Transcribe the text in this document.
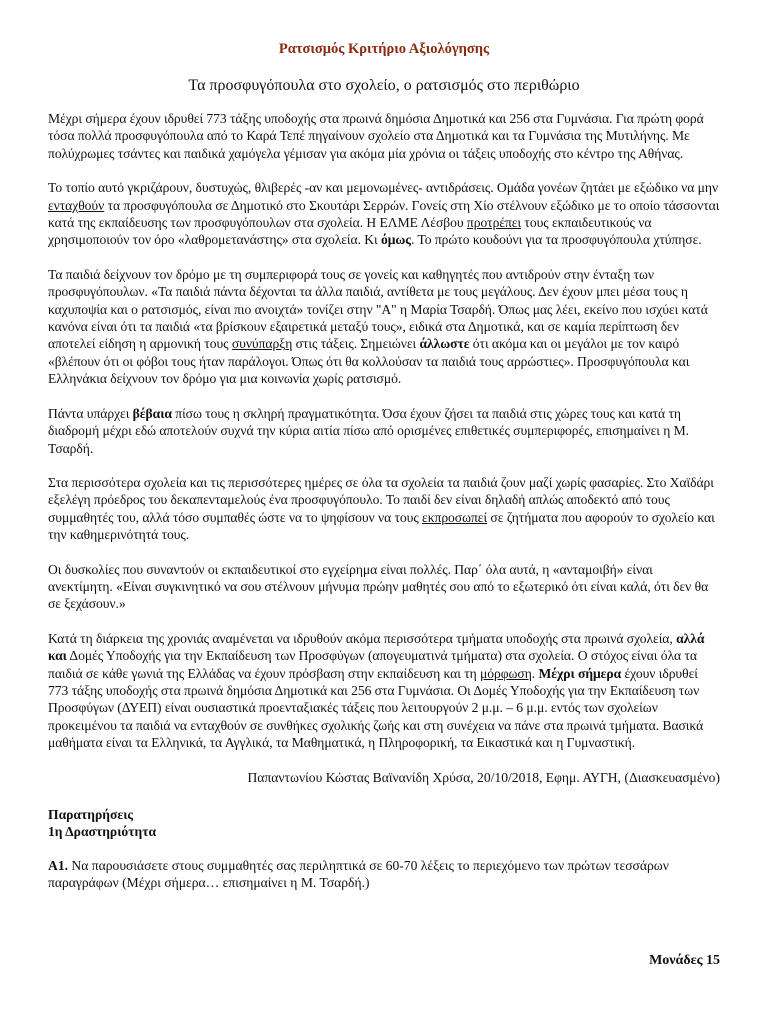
Ρατσισμός Κριτήριο Αξιολόγησης
Τα προσφυγόπουλα στο σχολείο, ο ρατσισμός στο περιθώριο

Μέχρι σήμερα έχουν ιδρυθεί 773 τάξης υποδοχής στα πρωινά δημόσια Δημοτικά και 256 στα Γυμνάσια. Για πρώτη φορά τόσα πολλά προσφυγόπουλα από το Καρά Τεπέ πηγαίνουν σχολείο στα Δημοτικά και τα Γυμνάσια της Μυτιλήνης. Με πολύχρωμες τσάντες και παιδικά χαμόγελα γέμισαν για ακόμα μία χρόνια οι τάξεις υποδοχής στο κέντρο της Αθήνας.

Το τοπίο αυτό γκριζάρουν, δυστυχώς, θλιβερές -αν και μεμονωμένες- αντιδράσεις. Ομάδα γονέων ζητάει με εξώδικο να μην ενταχθούν τα προσφυγόπουλα σε Δημοτικό στο Σκουτάρι Σερρών. Γονείς στη Χίο στέλνουν εξώδικο με το οποίο τάσσονται κατά της εκπαίδευσης των προσφυγόπουλων στα σχολεία. Η ΕΛΜΕ Λέσβου προτρέπει τους εκπαιδευτικούς να χρησιμοποιούν τον όρο «λαθρομετανάστης» στα σχολεία. Κι όμως. Το πρώτο κουδούνι για τα προσφυγόπουλα χτύπησε.

Τα παιδιά δείχνουν τον δρόμο με τη συμπεριφορά τους σε γονείς και καθηγητές που αντιδρούν στην ένταξη των προσφυγόπουλων. «Τα παιδιά πάντα δέχονται τα άλλα παιδιά, αντίθετα με τους μεγάλους. Δεν έχουν μπει μέσα τους η καχυποψία και ο ρατσισμός, είναι πιο ανοιχτά» τονίζει στην "Α" η Μαρία Τσαρδή. Όπως μας λέει, εκείνο που ισχύει κατά κανόνα είναι ότι τα παιδιά «τα βρίσκουν εξαιρετικά μεταξύ τους», ειδικά στα Δημοτικά, και σε καμία περίπτωση δεν αποτελεί είδηση η αρμονική τους συνύπαρξη στις τάξεις. Σημειώνει άλλωστε ότι ακόμα και οι μεγάλοι με τον καιρό «βλέπουν ότι οι φόβοι τους ήταν παράλογοι. Όπως ότι θα κολλούσαν τα παιδιά τους αρρώστιες». Προσφυγόπουλα και Ελληνάκια δείχνουν τον δρόμο για μια κοινωνία χωρίς ρατσισμό.

Πάντα υπάρχει βέβαια πίσω τους η σκληρή πραγματικότητα. Όσα έχουν ζήσει τα παιδιά στις χώρες τους και κατά τη διαδρομή μέχρι εδώ αποτελούν συχνά την κύρια αιτία πίσω από ορισμένες επιθετικές συμπεριφορές, επισημαίνει η Μ. Τσαρδή.

Στα περισσότερα σχολεία και τις περισσότερες ημέρες σε όλα τα σχολεία τα παιδιά ζουν μαζί χωρίς φασαρίες. Στο Χαϊδάρι εξελέγη πρόεδρος του δεκαπενταμελούς ένα προσφυγόπουλο. Το παιδί δεν είναι δηλαδή απλώς αποδεκτό από τους συμμαθητές του, αλλά τόσο συμπαθές ώστε να το ψηφίσουν να τους εκπροσωπεί σε ζητήματα που αφορούν το σχολείο και την καθημερινότητά τους.

Οι δυσκολίες που συναντούν οι εκπαιδευτικοί στο εγχείρημα είναι πολλές. Παρ΄ όλα αυτά, η «ανταμοιβή» είναι ανεκτίμητη. «Είναι συγκινητικό να σου στέλνουν μήνυμα πρώην μαθητές σου από το εξωτερικό ότι είναι καλά, ότι δεν θα σε ξεχάσουν.»

Κατά τη διάρκεια της χρονιάς αναμένεται να ιδρυθούν ακόμα περισσότερα τμήματα υποδοχής στα πρωινά σχολεία, αλλά και Δομές Υποδοχής για την Εκπαίδευση των Προσφύγων (απογευματινά τμήματα) στα σχολεία. Ο στόχος είναι όλα τα παιδιά σε κάθε γωνιά της Ελλάδας να έχουν πρόσβαση στην εκπαίδευση και τη μόρφωση. Μέχρι σήμερα έχουν ιδρυθεί 773 τάξης υποδοχής στα πρωινά δημόσια Δημοτικά και 256 στα Γυμνάσια. Οι Δομές Υποδοχής για την Εκπαίδευση των Προσφύγων (ΔΥΕΠ) είναι ουσιαστικά προενταξιακές τάξεις που λειτουργούν 2 μ.μ. – 6 μ.μ. εντός των σχολείων προκειμένου τα παιδιά να ενταχθούν σε συνθήκες σχολικής ζωής και στη συνέχεια να πάνε στα πρωινά τμήματα. Βασικά μαθήματα είναι τα Ελληνικά, τα Αγγλικά, τα Μαθηματικά, η Πληροφορική, τα Εικαστικά και η Γυμναστική.

Παπαντωνίου Κώστας Βαϊνανίδη Χρύσα, 20/10/2018, Εφημ. ΑΥΓΗ, (Διασκευασμένο)
Παρατηρήσεις
1η Δραστηριότητα

Α1. Να παρουσιάσετε στους συμμαθητές σας περιληπτικά σε 60-70 λέξεις το περιεχόμενο των πρώτων τεσσάρων παραγράφων (Μέχρι σήμερα… επισημαίνει η Μ. Τσαρδή.)

Μονάδες 15
